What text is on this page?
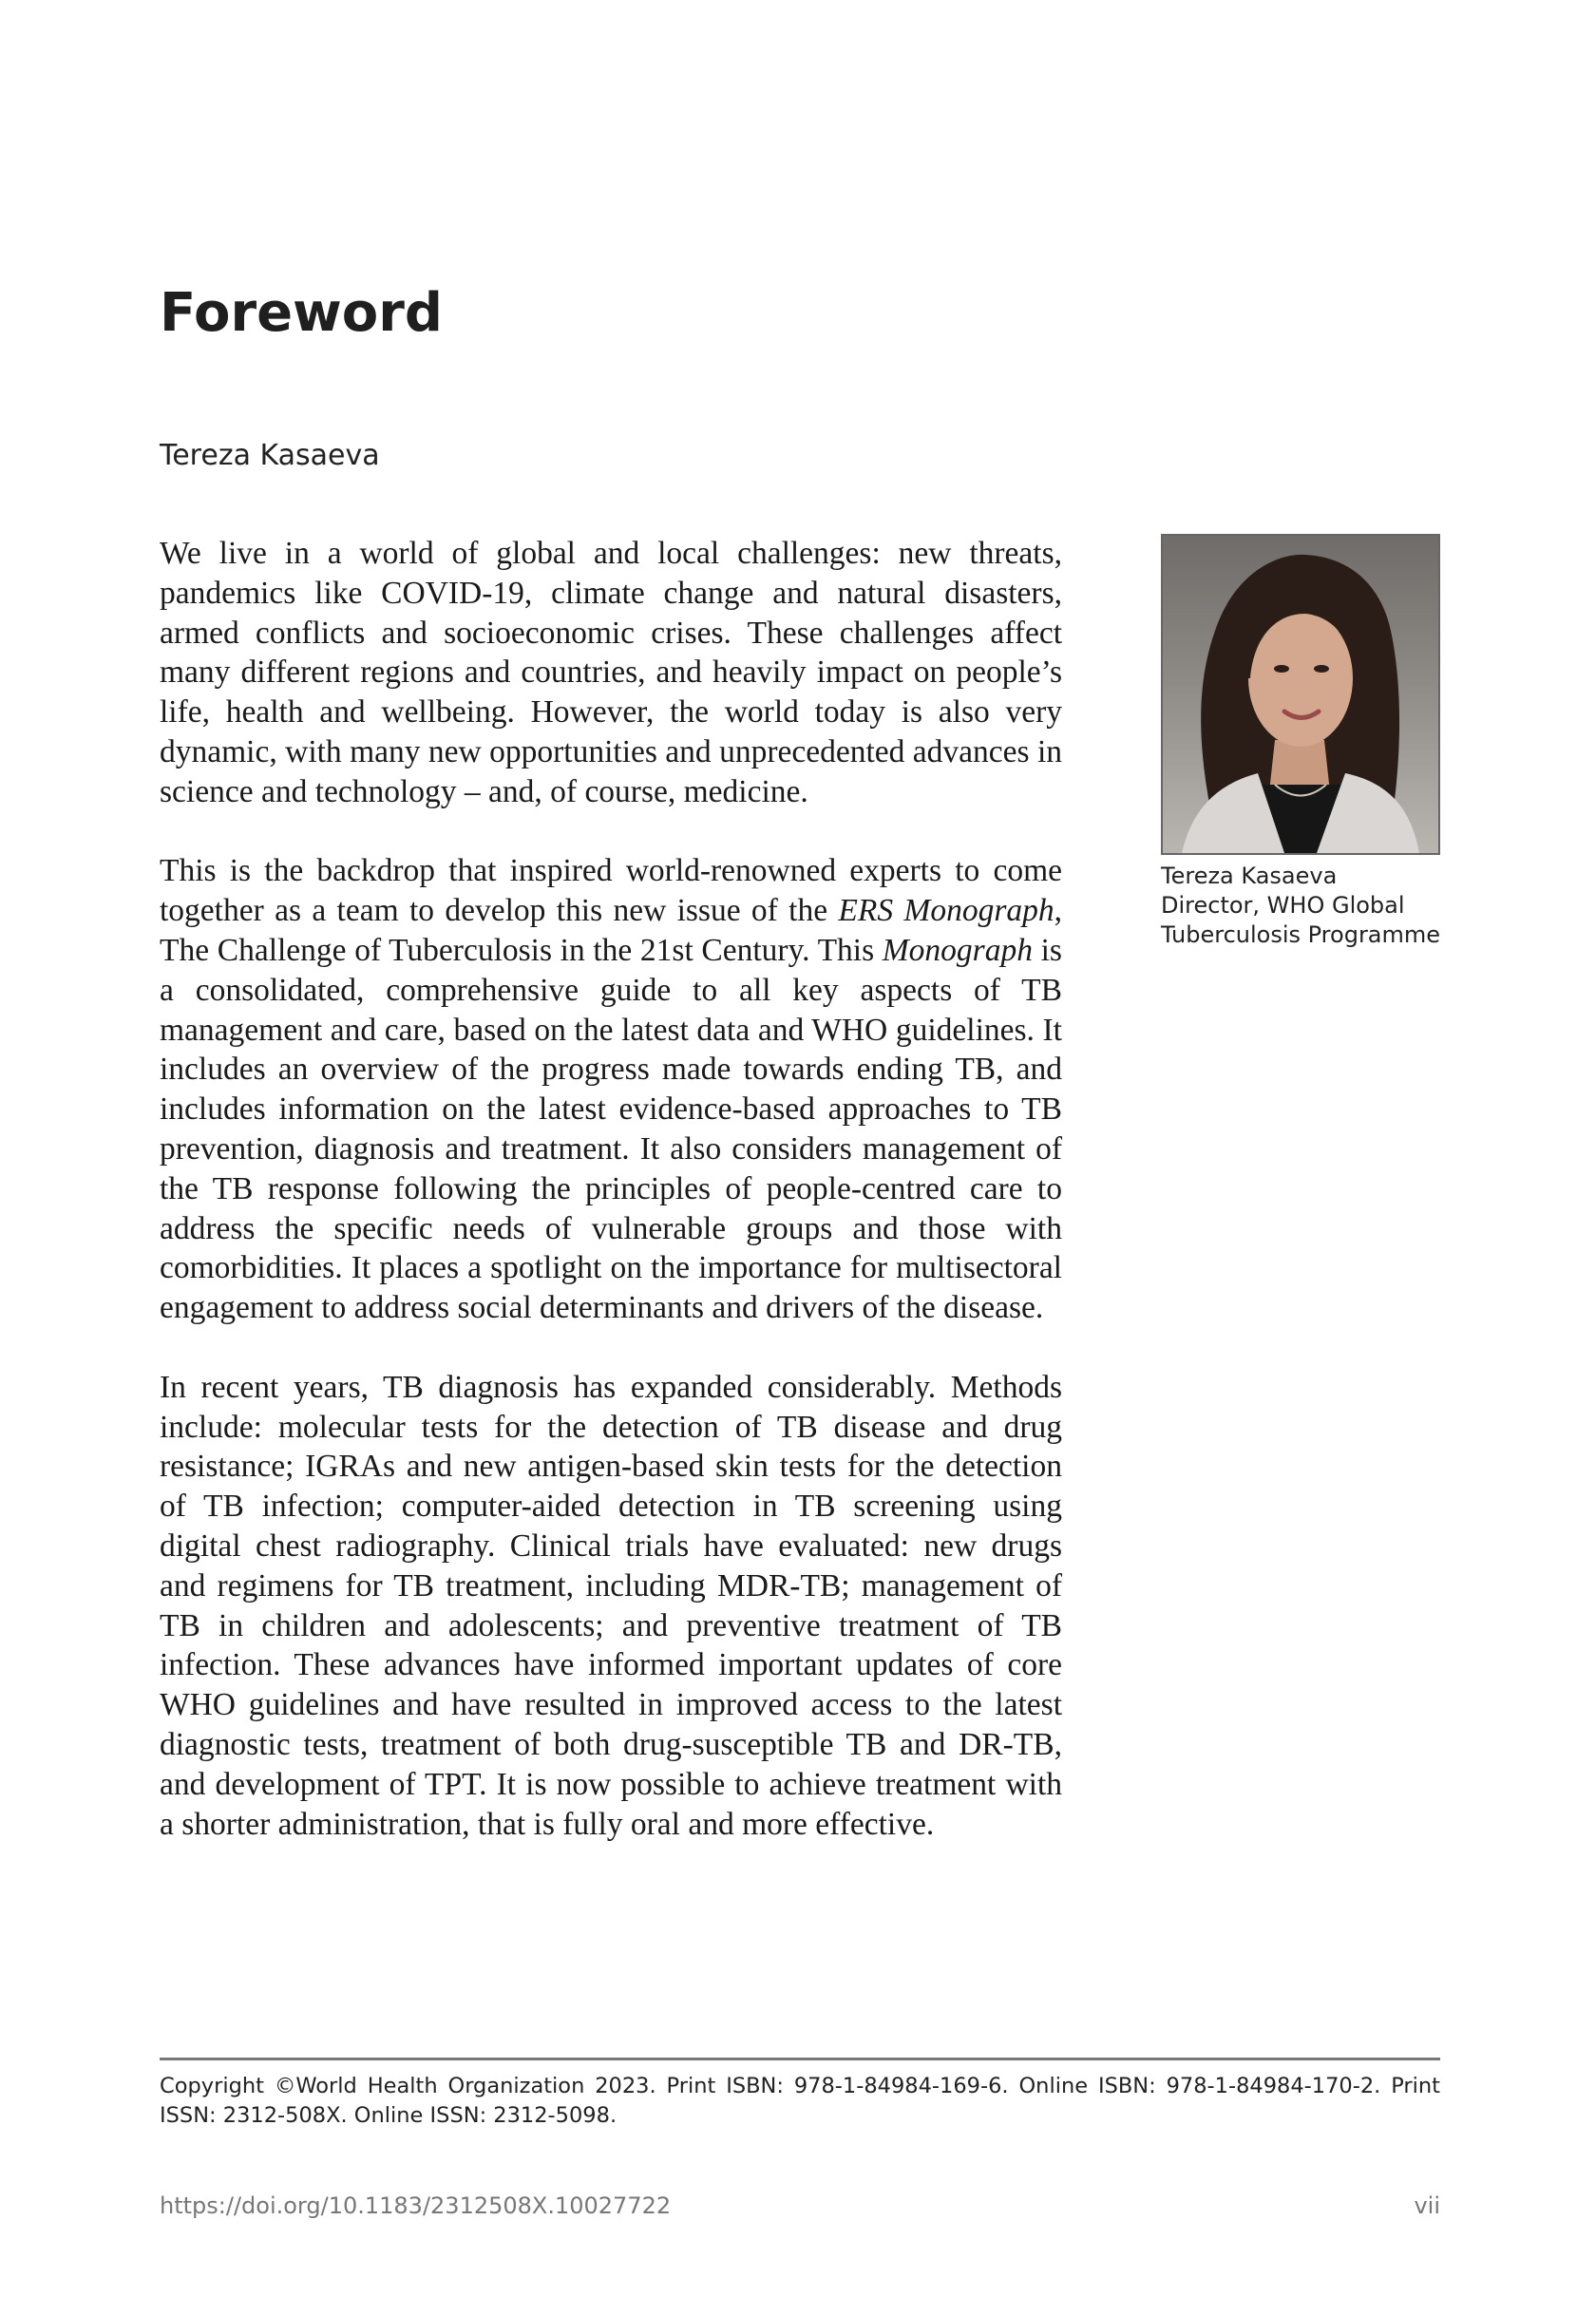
Foreword
Tereza Kasaeva

We live in a world of global and local challenges: new threats, pandemics like COVID-19, climate change and natural disasters, armed conflicts and socioeconomic crises. These challenges affect many different regions and countries, and heavily impact on people’s life, health and wellbeing. However, the world today is also very dynamic, with many new opportunities and unprecedented advances in science and technology – and, of course, medicine.

This is the backdrop that inspired world-renowned experts to come together as a team to develop this new issue of the ERS Monograph, The Challenge of Tuberculosis in the 21st Century. This Monograph is a consolidated, comprehensive guide to all key aspects of TB management and care, based on the latest data and WHO guidelines. It includes an overview of the progress made towards ending TB, and includes information on the latest evidence-based approaches to TB prevention, diagnosis and treatment. It also considers management of the TB response following the principles of people-centred care to address the specific needs of vulnerable groups and those with comorbidities. It places a spotlight on the importance for multisectoral engagement to address social determinants and drivers of the disease.

In recent years, TB diagnosis has expanded considerably. Methods include: molecular tests for the detection of TB disease and drug resistance; IGRAs and new antigen-based skin tests for the detection of TB infection; computer-aided detection in TB screening using digital chest radiography. Clinical trials have evaluated: new drugs and regimens for TB treatment, including MDR-TB; management of TB in children and adolescents; and preventive treatment of TB infection. These advances have informed important updates of core WHO guidelines and have resulted in improved access to the latest diagnostic tests, treatment of both drug-susceptible TB and DR-TB, and development of TPT. It is now possible to achieve treatment with a shorter administration, that is fully oral and more effective.

Tereza Kasaeva
Director, WHO Global
Tuberculosis Programme
Copyright ©World Health Organization 2023. Print ISBN: 978-1-84984-169-6. Online ISBN: 978-1-84984-170-2. Print ISSN: 2312-508X. Online ISSN: 2312-5098.
https://doi.org/10.1183/2312508X.10027722	vii
